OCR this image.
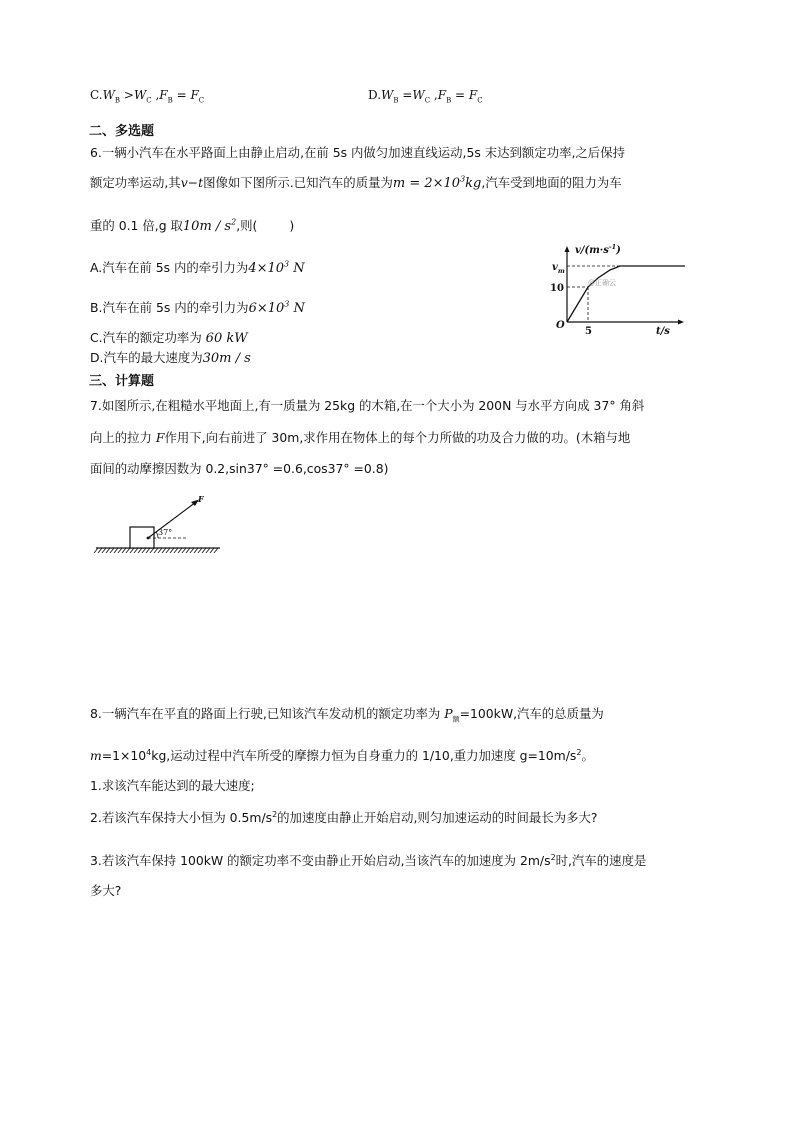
$C.W_B >W_C$ $,F_B = F_C$	$D.W_B =W_C$ $,F_B = F_C$
二、多选题
6.一辆小汽车在水平路面上由静止启动,在前 5s 内做匀加速直线运动,5s 末达到额定功率,之后保持
额定功率运动,其v−t图像如下图所示.已知汽车的质量为$m = 2\times 10^3kg$,汽车受到地面的阻力为车
重的 0.1 倍,g 取$10m / s^2$,则(	)
A.汽车在前 5s 内的牵引力为$4\times 10^3$ N
B.汽车在前 5s 内的牵引力为$6\times 10^3$ N
C.汽车的额定功率为 60 kW
D.汽车的最大速度为30m / s
$v/(m\cdot s^{-1})$
$v_m$
10
O
5	t/s
@正确云
三、计算题
7.如图所示,在粗糙水平地面上,有一质量为 25kg 的木箱,在一个大小为 200N 与水平方向成 37° 角斜
向上的拉力 F作用下,向右前进了 30m,求作用在物体上的每个力所做的功及合力做的功。(木箱与地
面间的动摩擦因数为 0.2,sin37° =0.6,cos37° =0.8)
37°
F
8.一辆汽车在平直的路面上行驶,已知该汽车发动机的额定功率为 $P_额=100kW$,汽车的总质量为
$m=1\times 10^4kg$,运动过程中汽车所受的摩擦力恒为自身重力的 1/10,重力加速度 $g=10m/s^2$。
1.求该汽车能达到的最大速度;
2.若该汽车保持大小恒为 $0.5m/s^2$的加速度由静止开始启动,则匀加速运动的时间最长为多大?
3.若该汽车保持 100kW 的额定功率不变由静止开始启动,当该汽车的加速度为 $2m/s^2$时,汽车的速度是
多大?
